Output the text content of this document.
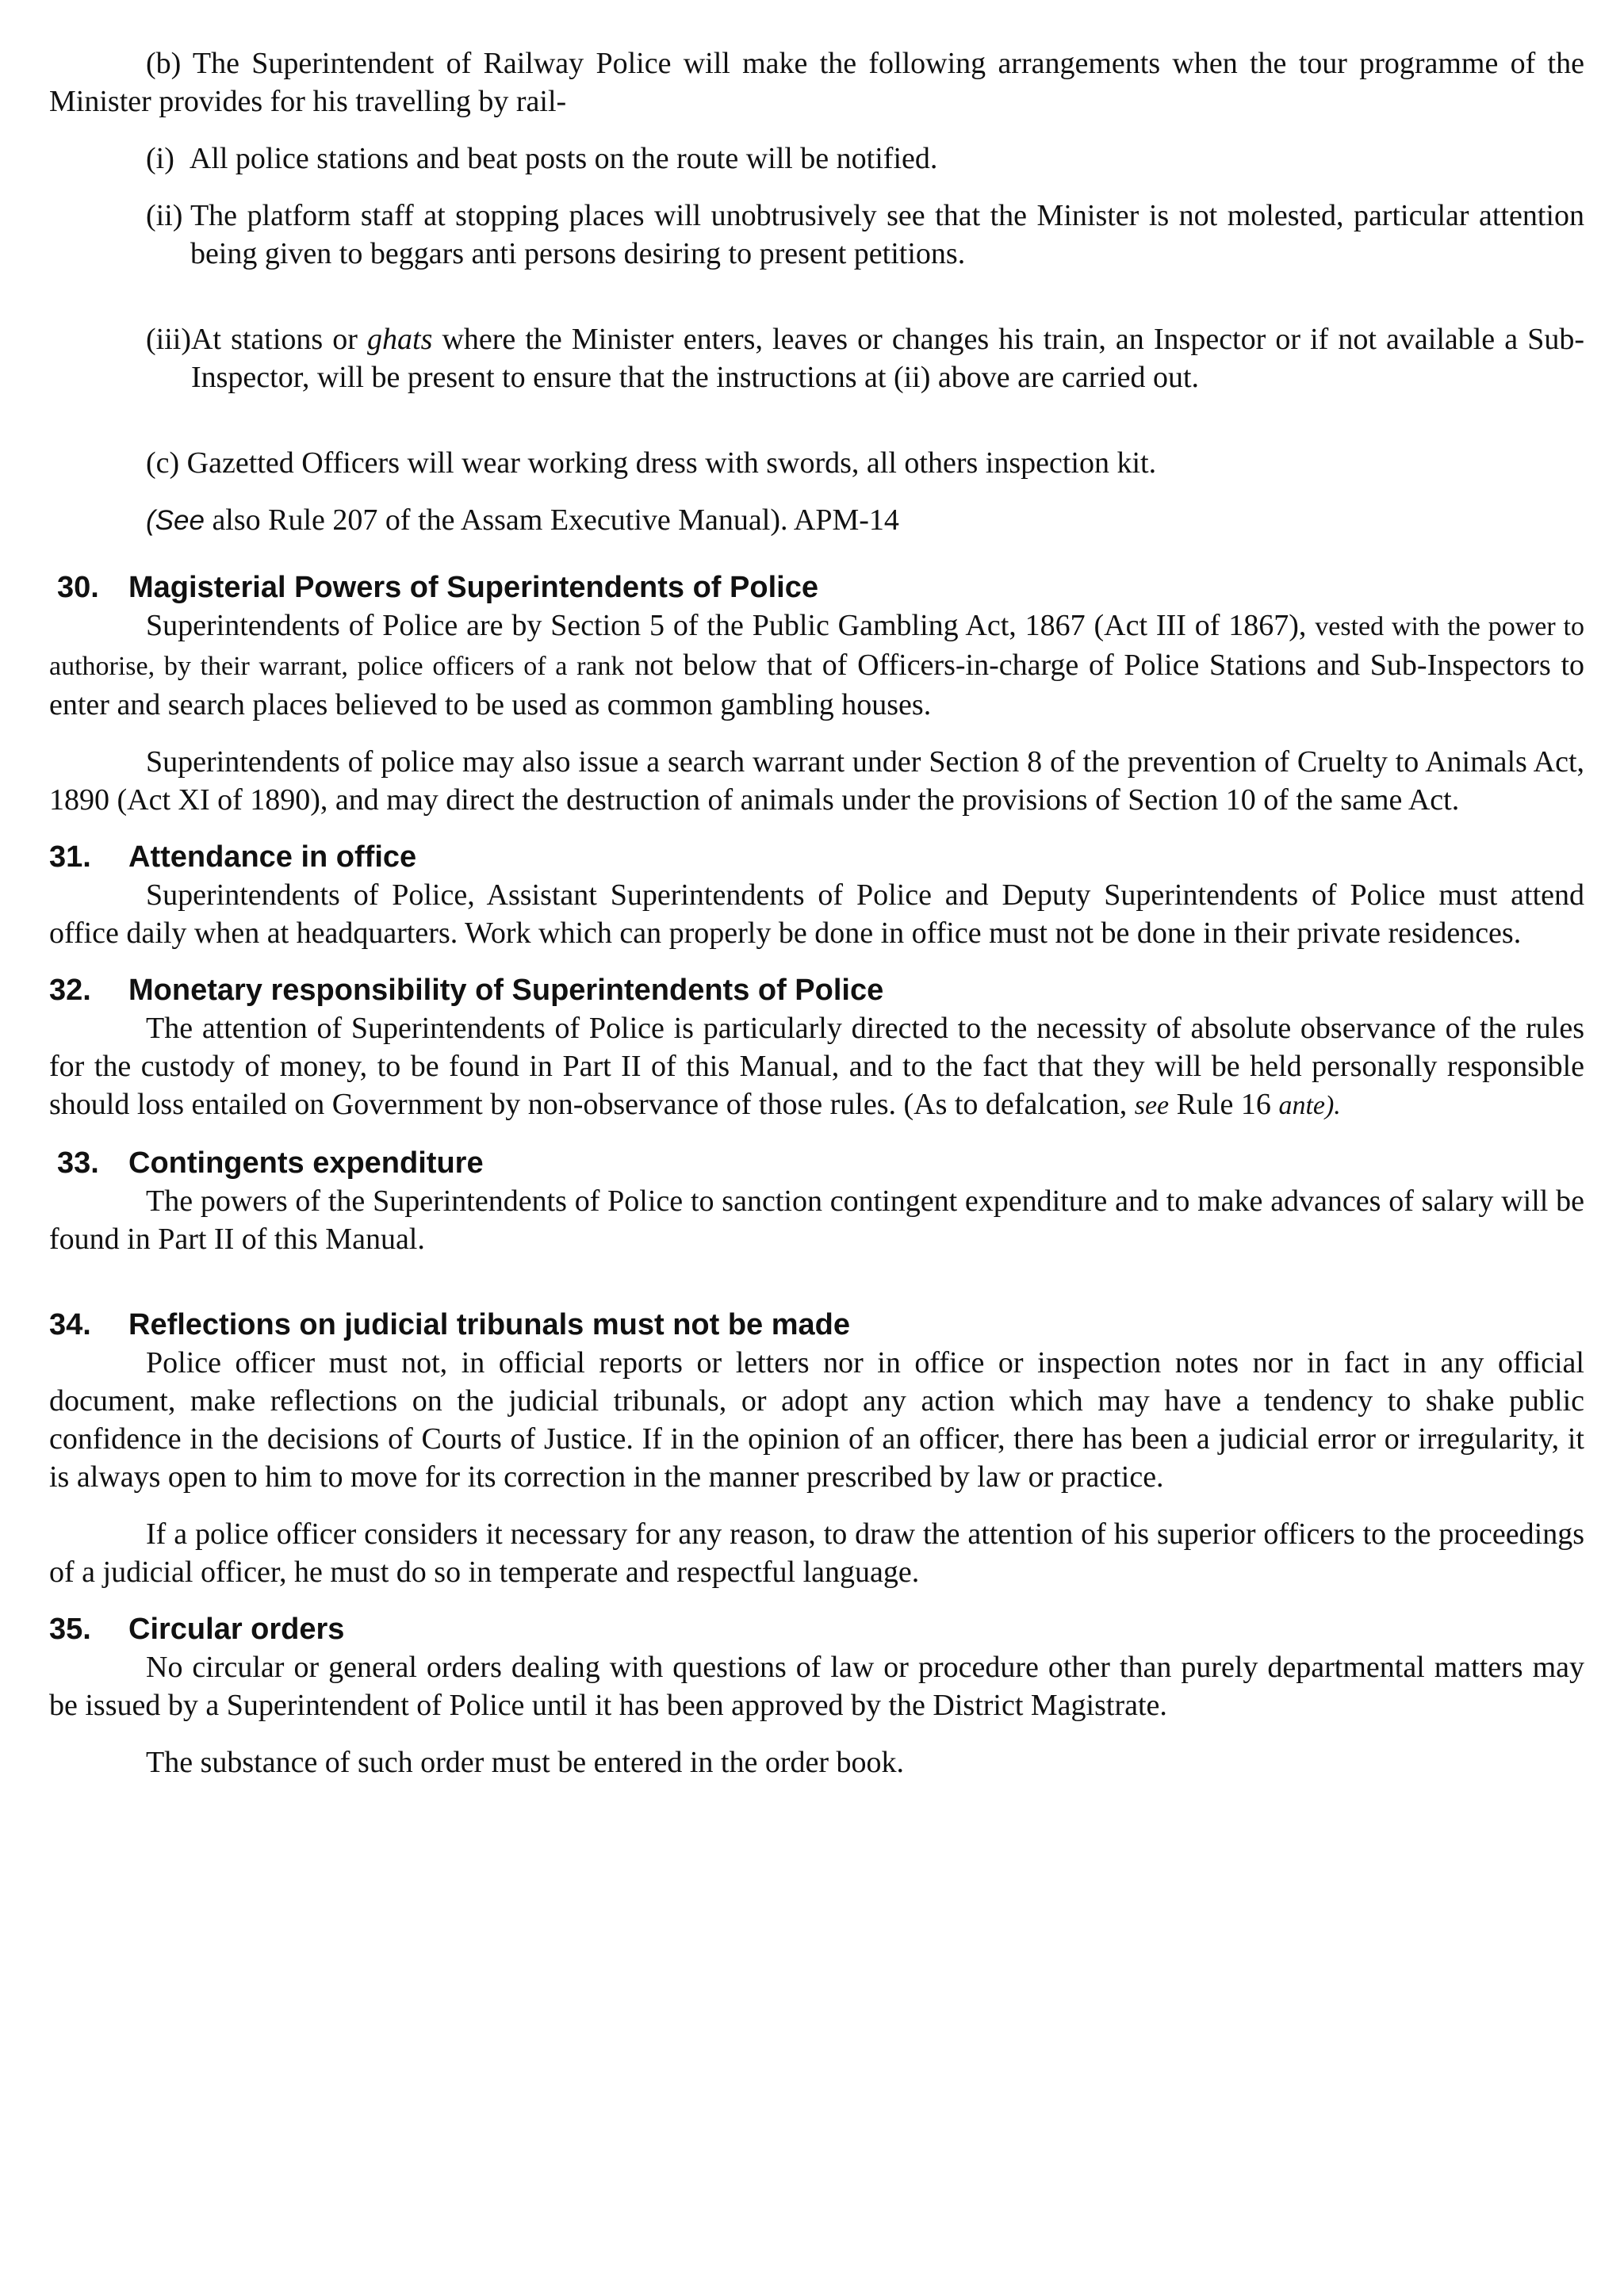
(b) The Superintendent of Railway Police will make the following arrangements when the tour programme of the Minister provides for his travelling by rail-

(i) All police stations and beat posts on the route will be notified.
(ii) The platform staff at stopping places will unobtrusively see that the Minister is not molested, particular attention being given to beggars anti persons desiring to present petitions.
(iii) At stations or ghats where the Minister enters, leaves or changes his train, an Inspector or if not available a Sub-Inspector, will be present to ensure that the instructions at (ii) above are carried out.

(c) Gazetted Officers will wear working dress with swords, all others inspection kit.

(See also Rule 207 of the Assam Executive Manual). APM-14

30. Magisterial Powers of Superintendents of Police

Superintendents of Police are by Section 5 of the Public Gambling Act, 1867 (Act III of 1867), vested with the power to authorise, by their warrant, police officers of a rank not below that of Officers-in-charge of Police Stations and Sub-Inspectors to enter and search places believed to be used as common gambling houses.

Superintendents of police may also issue a search warrant under Section 8 of the prevention of Cruelty to Animals Act, 1890 (Act XI of 1890), and may direct the destruction of animals under the provisions of Section 10 of the same Act.

31.	Attendance in office

Superintendents of Police, Assistant Superintendents of Police and Deputy Superintendents of Police must attend office daily when at headquarters. Work which can properly be done in office must not be done in their private residences.

32.	Monetary responsibility of Superintendents of Police

The attention of Superintendents of Police is particularly directed to the necessity of absolute observance of the rules for the custody of money, to be found in Part II of this Manual, and to the fact that they will be held personally responsible should loss entailed on Government by non-observance of those rules. (As to defalcation, see Rule 16 ante).

33. Contingents expenditure

The powers of the Superintendents of Police to sanction contingent expenditure and to make advances of salary will be found in Part II of this Manual.

34.	Reflections on judicial tribunals must not be made

Police officer must not, in official reports or letters nor in office or inspection notes nor in fact in any official document, make reflections on the judicial tribunals, or adopt any action which may have a tendency to shake public confidence in the decisions of Courts of Justice. If in the opinion of an officer, there has been a judicial error or irregularity, it is always open to him to move for its correction in the manner prescribed by law or practice.

If a police officer considers it necessary for any reason, to draw the attention of his superior officers to the proceedings of a judicial officer, he must do so in temperate and respectful language.

35.	Circular orders

No circular or general orders dealing with questions of law or procedure other than purely departmental matters may be issued by a Superintendent of Police until it has been approved by the District Magistrate.

The substance of such order must be entered in the order book.
